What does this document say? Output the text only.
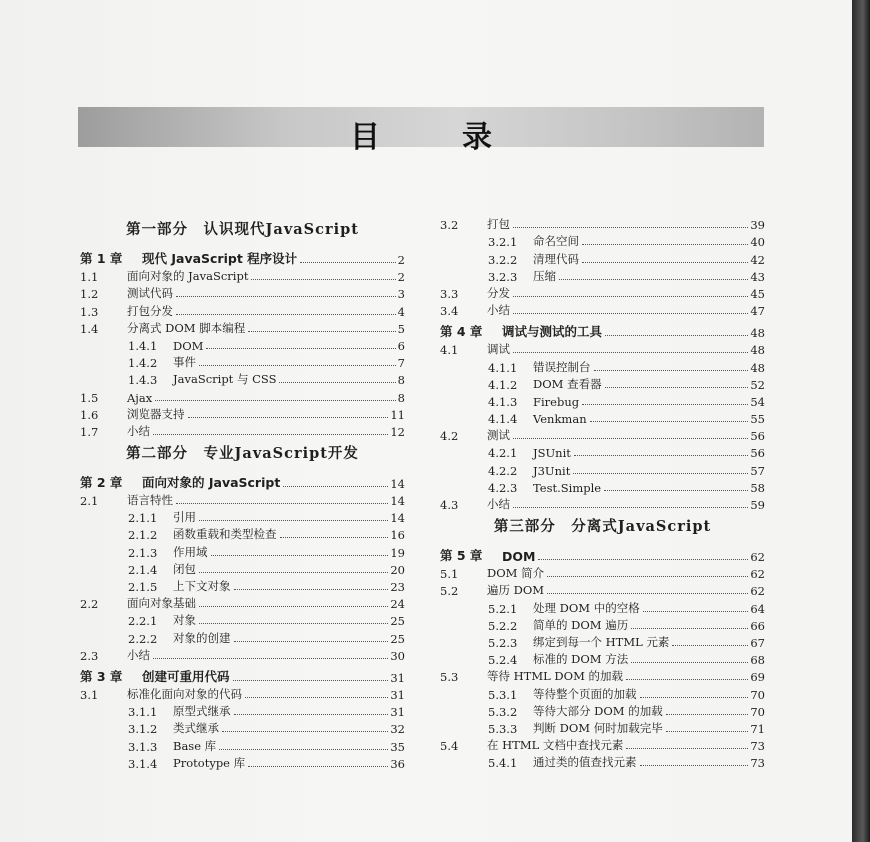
目	录
第一部分　认识现代JavaScript
第 1 章	现代 JavaScript 程序设计	2
1.1	面向对象的 JavaScript	2
1.2	测试代码	3
1.3	打包分发	4
1.4	分离式 DOM 脚本编程	5
1.4.1	DOM	6
1.4.2	事件	7
1.4.3	JavaScript 与 CSS	8
1.5	Ajax	8
1.6	浏览器支持	11
1.7	小结	12
第二部分　专业JavaScript开发
第 2 章	面向对象的 JavaScript	14
2.1	语言特性	14
2.1.1	引用	14
2.1.2	函数重载和类型检查	16
2.1.3	作用域	19
2.1.4	闭包	20
2.1.5	上下文对象	23
2.2	面向对象基础	24
2.2.1	对象	25
2.2.2	对象的创建	25
2.3	小结	30
第 3 章	创建可重用代码	31
3.1	标准化面向对象的代码	31
3.1.1	原型式继承	31
3.1.2	类式继承	32
3.1.3	Base 库	35
3.1.4	Prototype 库	36
3.2	打包	39
3.2.1	命名空间	40
3.2.2	清理代码	42
3.2.3	压缩	43
3.3	分发	45
3.4	小结	47
第 4 章	调试与测试的工具	48
4.1	调试	48
4.1.1	错误控制台	48
4.1.2	DOM 查看器	52
4.1.3	Firebug	54
4.1.4	Venkman	55
4.2	测试	56
4.2.1	JSUnit	56
4.2.2	J3Unit	57
4.2.3	Test.Simple	58
4.3	小结	59
第三部分　分离式JavaScript
第 5 章	DOM	62
5.1	DOM 简介	62
5.2	遍历 DOM	62
5.2.1	处理 DOM 中的空格	64
5.2.2	简单的 DOM 遍历	66
5.2.3	绑定到每一个 HTML 元素	67
5.2.4	标准的 DOM 方法	68
5.3	等待 HTML DOM 的加载	69
5.3.1	等待整个页面的加载	70
5.3.2	等待大部分 DOM 的加载	70
5.3.3	判断 DOM 何时加载完毕	71
5.4	在 HTML 文档中查找元素	73
5.4.1	通过类的值查找元素	73
